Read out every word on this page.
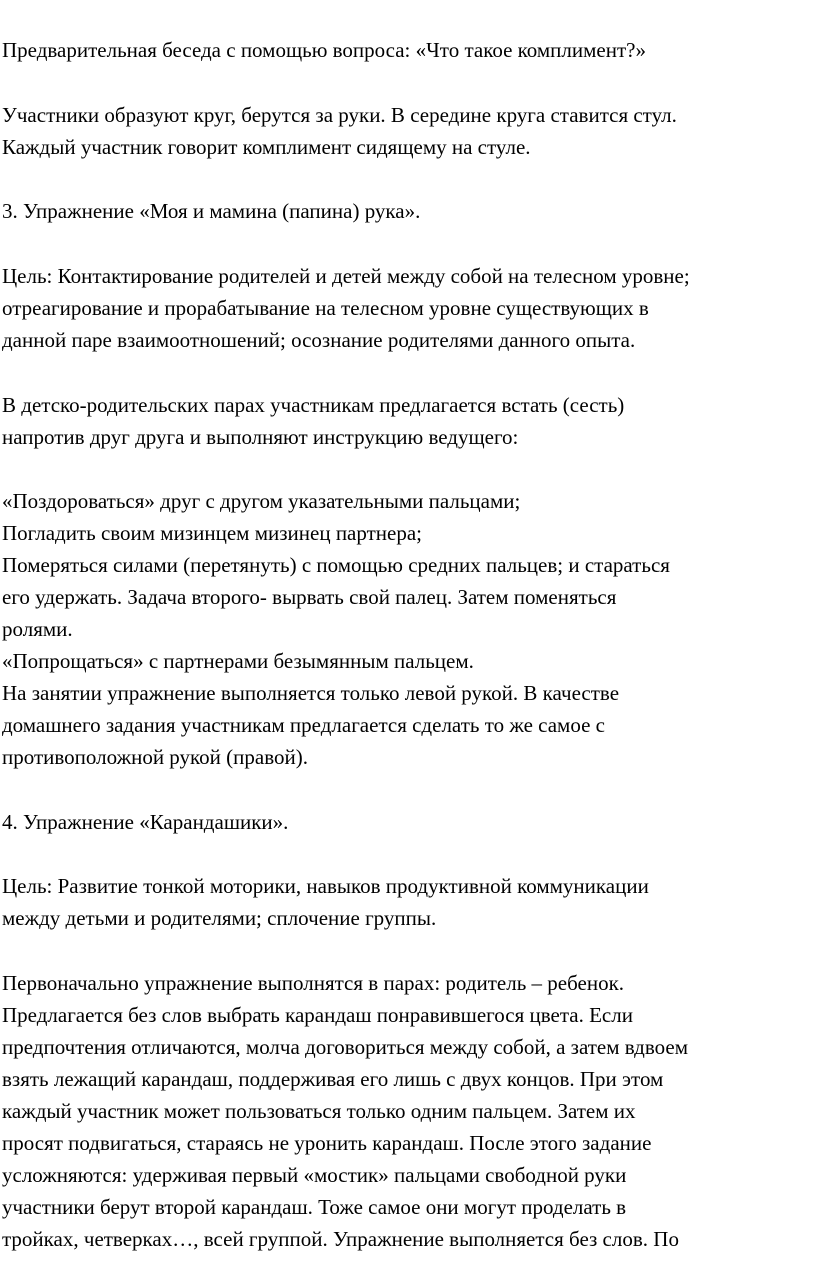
Предварительная беседа с помощью вопроса: «Что такое комплимент?»
Участники образуют круг, берутся за руки. В середине круга ставится стул.
Каждый участник говорит комплимент сидящему на стуле.
3. Упражнение «Моя и мамина (папина) рука».
Цель: Контактирование родителей и детей между собой на телесном уровне;
отреагирование и прорабатывание на телесном уровне существующих в
данной паре взаимоотношений; осознание родителями данного опыта.
В детско-родительских парах участникам предлагается встать (сесть)
напротив друг друга и выполняют инструкцию ведущего:
«Поздороваться» друг с другом указательными пальцами;
Погладить своим мизинцем мизинец партнера;
Померяться силами (перетянуть) с помощью средних пальцев; и стараться
его удержать. Задача второго- вырвать свой палец. Затем поменяться
ролями.
«Попрощаться» с партнерами безымянным пальцем.
На занятии упражнение выполняется только левой рукой. В качестве
домашнего задания участникам предлагается сделать то же самое с
противоположной рукой (правой).
4. Упражнение «Карандашики».
Цель: Развитие тонкой моторики, навыков продуктивной коммуникации
между детьми и родителями; сплочение группы.
Первоначально упражнение выполнятся в парах: родитель – ребенок.
Предлагается без слов выбрать карандаш понравившегося цвета. Если
предпочтения отличаются, молча договориться между собой, а затем вдвоем
взять лежащий карандаш, поддерживая его лишь с двух концов. При этом
каждый участник может пользоваться только одним пальцем. Затем их
просят подвигаться, стараясь не уронить карандаш. После этого задание
усложняются: удерживая первый «мостик» пальцами свободной руки
участники берут второй карандаш. Тоже самое они могут проделать в
тройках, четверках…, всей группой. Упражнение выполняется без слов. По
